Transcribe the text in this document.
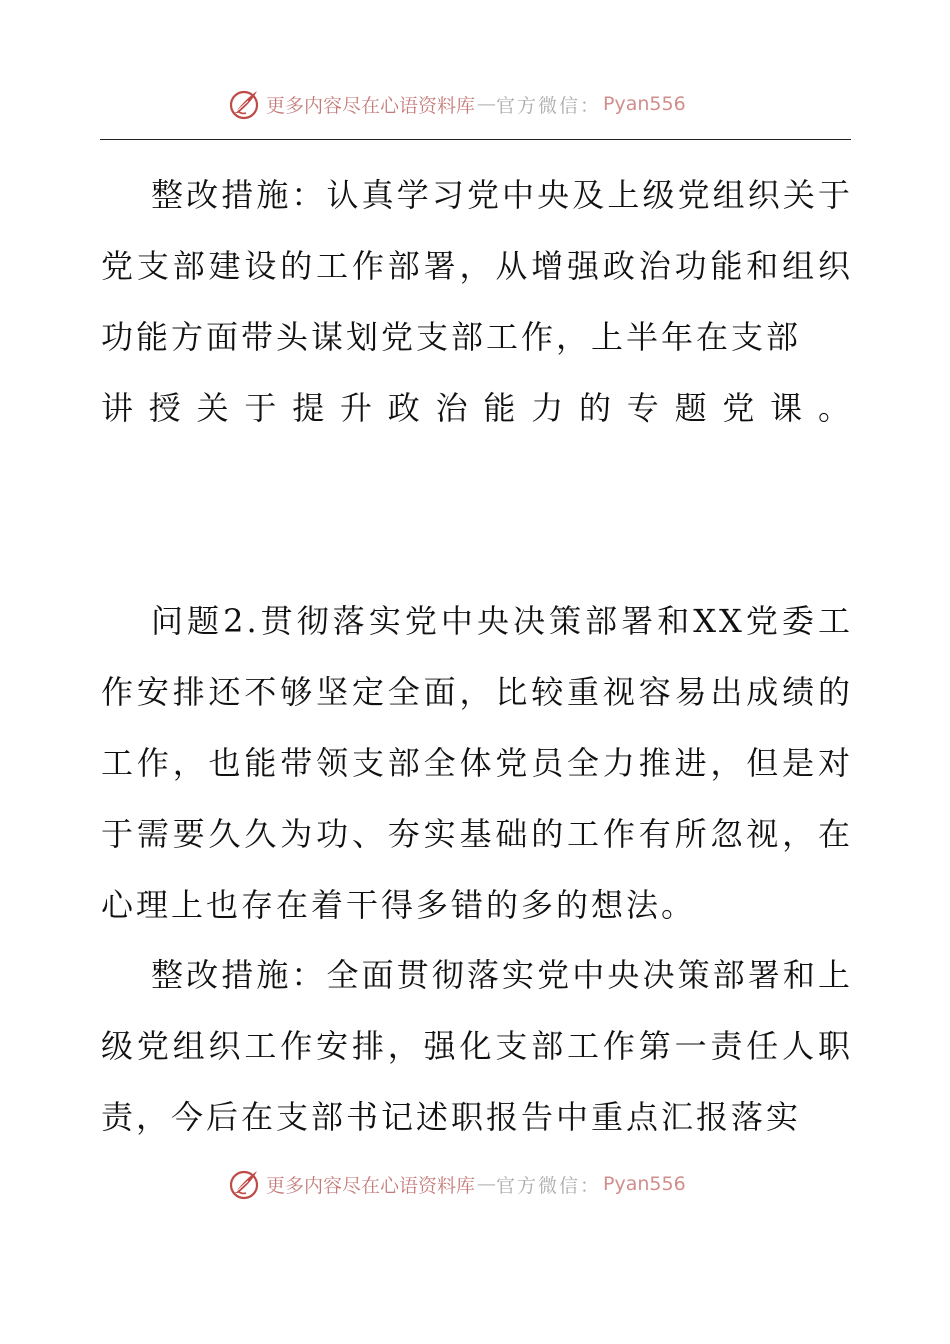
更多内容尽在心语资料库 — 官方微信： Pyan556

整改措施：认真学习党中央及上级党组织关于党支部建设的工作部署，从增强政治功能和组织功能方面带头谋划党支部工作，上半年在支部

讲授关于提升政治能力的专题党课。

问题2.贯彻落实党中央决策部署和XX党委工作安排还不够坚定全面，比较重视容易出成绩的工作，也能带领支部全体党员全力推进，但是对于需要久久为功、夯实基础的工作有所忽视，在心理上也存在着干得多错的多的想法。

整改措施：全面贯彻落实党中央决策部署和上级党组织工作安排，强化支部工作第一责任人职责，今后在支部书记述职报告中重点汇报落实

更多内容尽在心语资料库 — 官方微信： Pyan556
